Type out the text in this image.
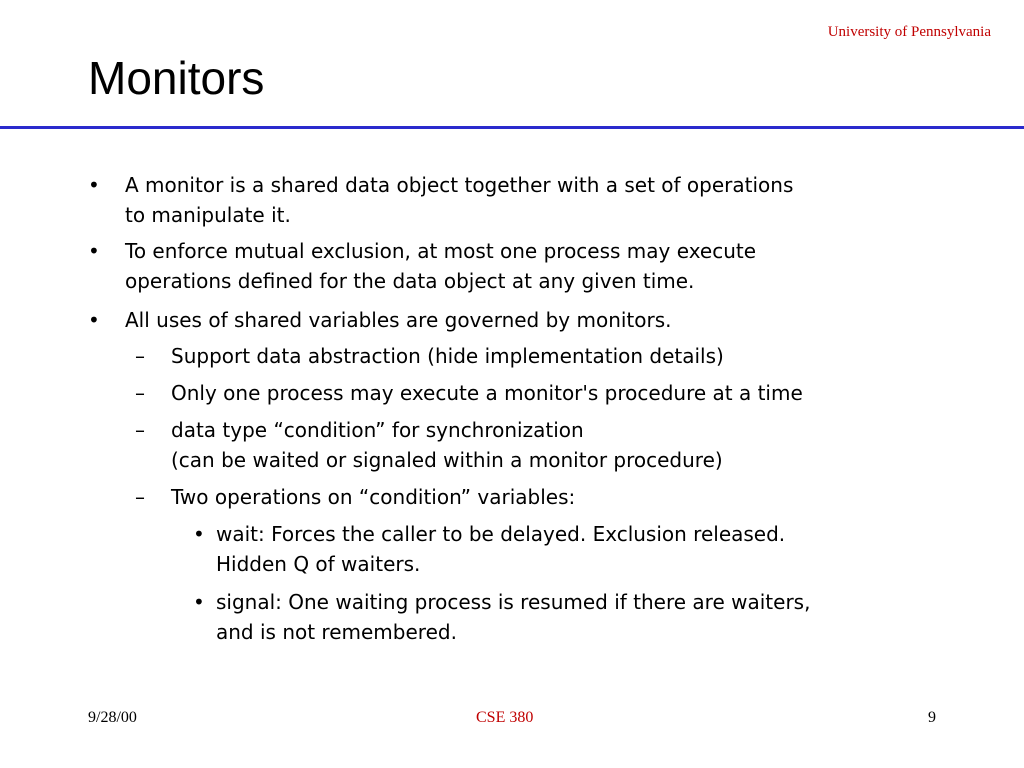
University of Pennsylvania
Monitors
• A monitor is a shared data object together with a set of operations
to manipulate it.
• To enforce mutual exclusion, at most one process may execute
operations defined for the data object at any given time.
• All uses of shared variables are governed by monitors.
– Support data abstraction (hide implementation details)
– Only one process may execute a monitor's procedure at a time
– data type “condition” for synchronization
(can be waited or signaled within a monitor procedure)
– Two operations on “condition” variables:
• wait: Forces the caller to be delayed. Exclusion released.
Hidden Q of waiters.
• signal: One waiting process is resumed if there are waiters,
and is not remembered.
9/28/00	CSE 380	9
